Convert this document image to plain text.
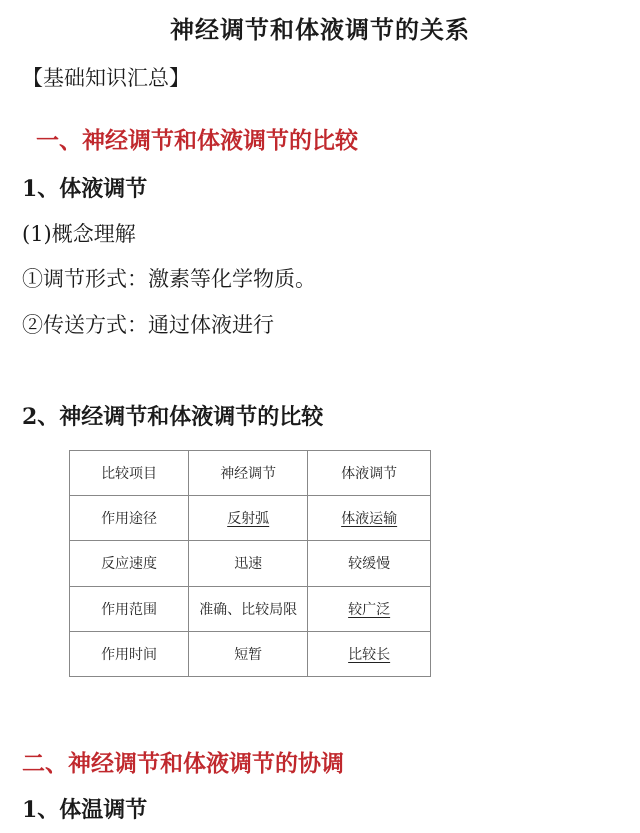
神经调节和体液调节的关系
【基础知识汇总】
一、神经调节和体液调节的比较
1、体液调节
(1)概念理解
①调节形式：激素等化学物质。
②传送方式：通过体液进行
2、神经调节和体液调节的比较
比较项目	神经调节	体液调节
作用途径	反射弧	体液运输
反应速度	迅速	较缓慢
作用范围	准确、比较局限	较广泛
作用时间	短暂	比较长
二、神经调节和体液调节的协调
1、体温调节
